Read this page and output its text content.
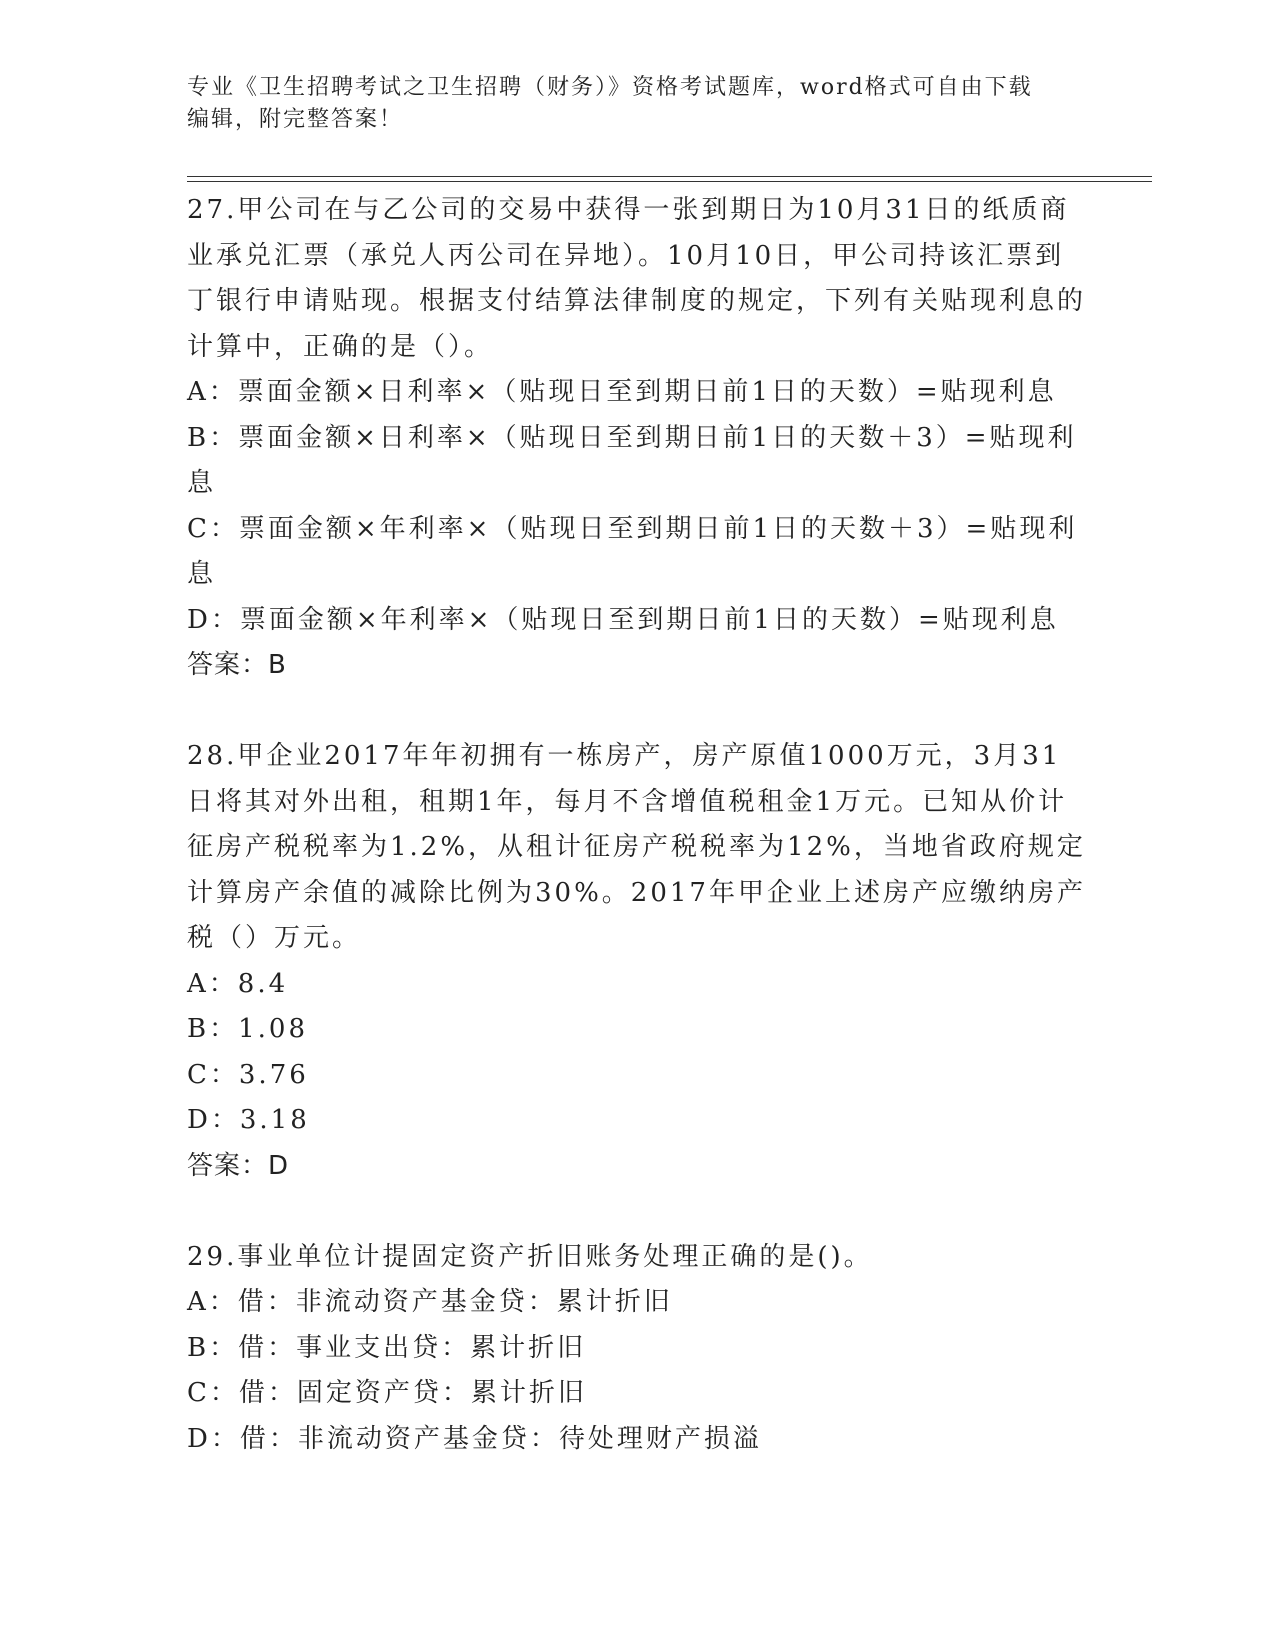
专业《卫生招聘考试之卫生招聘（财务）》资格考试题库，word格式可自由下载
编辑，附完整答案！
27.甲公司在与乙公司的交易中获得一张到期日为10月31日的纸质商业承兑汇票（承兑人丙公司在异地）。10月10日，甲公司持该汇票到丁银行申请贴现。根据支付结算法律制度的规定，下列有关贴现利息的计算中，正确的是（）。
A：票面金额×日利率×（贴现日至到期日前1日的天数）=贴现利息
B：票面金额×日利率×（贴现日至到期日前1日的天数＋3）=贴现利息
C：票面金额×年利率×（贴现日至到期日前1日的天数＋3）=贴现利息
D：票面金额×年利率×（贴现日至到期日前1日的天数）=贴现利息
答案：B
28.甲企业2017年年初拥有一栋房产，房产原值1000万元，3月31日将其对外出租，租期1年，每月不含增值税租金1万元。已知从价计征房产税税率为1.2%，从租计征房产税税率为12%，当地省政府规定计算房产余值的减除比例为30%。2017年甲企业上述房产应缴纳房产税（）万元。
A：8.4
B：1.08
C：3.76
D：3.18
答案：D
29.事业单位计提固定资产折旧账务处理正确的是()。
A：借：非流动资产基金贷：累计折旧
B：借：事业支出贷：累计折旧
C：借：固定资产贷：累计折旧
D：借：非流动资产基金贷：待处理财产损溢
